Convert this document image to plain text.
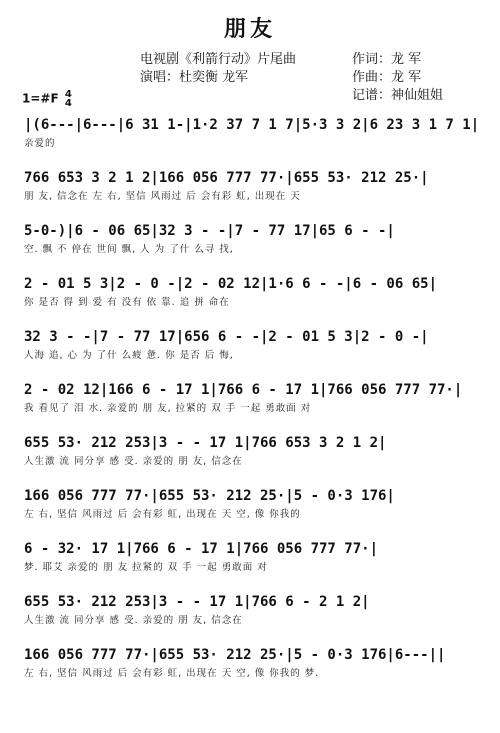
朋友
电视剧《利箭行动》片尾曲
演唱：杜奕衡 龙军
作词：龙 军
作曲：龙 军
记谱：神仙姐姐
1=#F 4
4
|(6---|6---|6 31 1-|1·2 37 7 1 7|5·3 3 2|6 23 3 1 7 1|
亲爱的
766 653 3 2 1 2|166 056 777 77·|655 53· 212 25·|
朋 友, 信念在 左 右, 坚信 风雨过 后 会有彩 虹, 出现在 天
5-0-)|6 - 06 65|32 3 - -|7 - 77 17|65 6 - -|
空. 飘 不 停在 世间 飘, 人 为 了什 么寻 找,
2 - 01 5 3|2 - 0 -|2 - 02 12|1·6 6 - -|6 - 06 65|
你 是否 得 到 爱 有 没有 依 靠. 追 拼 命在
32 3 - -|7 - 77 17|656 6 - -|2 - 01 5 3|2 - 0 -|
人海 追, 心 为 了什 么疲 惫. 你 是否 后 悔,
2 - 02 12|166 6 - 17 1|766 6 - 17 1|766 056 777 77·|
我 看见了 泪 水. 亲爱的 朋 友, 拉紧的 双 手 一起 勇敢面 对
655 53· 212 253|3 - - 17 1|766 653 3 2 1 2|
人生激 流 同分享 感 受. 亲爱的 朋 友, 信念在
166 056 777 77·|655 53· 212 25·|5 - 0·3 176|
左 右, 坚信 风雨过 后 会有彩 虹, 出现在 天 空, 像 你我的
6 - 32· 17 1|766 6 - 17 1|766 056 777 77·|
梦. 耶艾 亲爱的 朋 友 拉紧的 双 手 一起 勇敢面 对
655 53· 212 253|3 - - 17 1|766 6 - 2 1 2|
人生激 流 同分享 感 受. 亲爱的 朋 友, 信念在
166 056 777 77·|655 53· 212 25·|5 - 0·3 176|6---||
左 右, 坚信 风雨过 后 会有彩 虹, 出现在 天 空, 像 你我的 梦.
